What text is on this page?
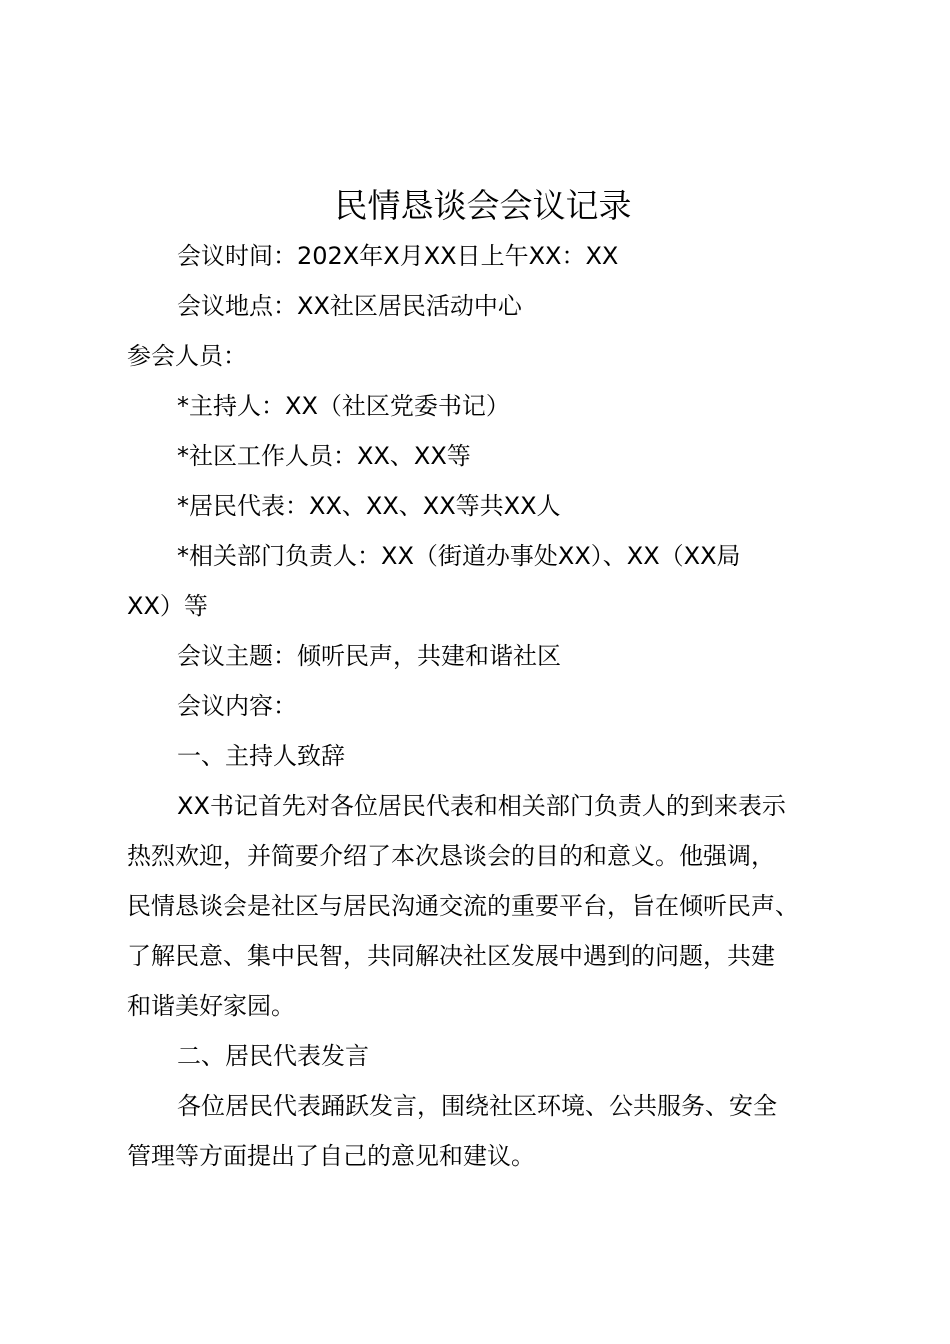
民情恳谈会会议记录

会议时间：202X年X月XX日上午XX：XX

会议地点：XX社区居民活动中心

参会人员：

*主持人：XX（社区党委书记）

*社区工作人员：XX、XX等

*居民代表：XX、XX、XX等共XX人

*相关部门负责人：XX（街道办事处XX）、XX（XX局
XX）等

会议主题：倾听民声，共建和谐社区

会议内容：

一、主持人致辞

XX书记首先对各位居民代表和相关部门负责人的到来表示
热烈欢迎，并简要介绍了本次恳谈会的目的和意义。他强调，
民情恳谈会是社区与居民沟通交流的重要平台，旨在倾听民声、
了解民意、集中民智，共同解决社区发展中遇到的问题，共建
和谐美好家园。

二、居民代表发言

各位居民代表踊跃发言，围绕社区环境、公共服务、安全
管理等方面提出了自己的意见和建议。
